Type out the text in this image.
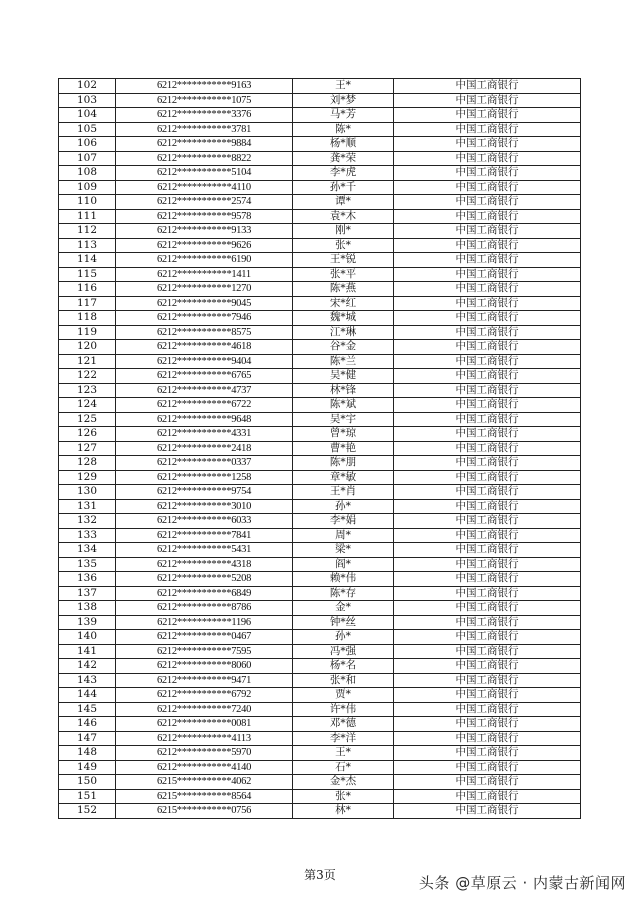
102	6212***********9163	王*	中国工商银行
103	6212***********1075	刘*梦	中国工商银行
104	6212***********3376	马*芳	中国工商银行
105	6212***********3781	陈*	中国工商银行
106	6212***********9884	杨*顺	中国工商银行
107	6212***********8822	龚*荣	中国工商银行
108	6212***********5104	李*虎	中国工商银行
109	6212***********4110	孙*千	中国工商银行
110	6212***********2574	谭*	中国工商银行
111	6212***********9578	袁*木	中国工商银行
112	6212***********9133	刚*	中国工商银行
113	6212***********9626	张*	中国工商银行
114	6212***********6190	王*锐	中国工商银行
115	6212***********1411	张*平	中国工商银行
116	6212***********1270	陈*燕	中国工商银行
117	6212***********9045	宋*红	中国工商银行
118	6212***********7946	魏*城	中国工商银行
119	6212***********8575	江*琳	中国工商银行
120	6212***********4618	谷*金	中国工商银行
121	6212***********9404	陈*兰	中国工商银行
122	6212***********6765	吴*健	中国工商银行
123	6212***********4737	林*锋	中国工商银行
124	6212***********6722	陈*斌	中国工商银行
125	6212***********9648	吴*宇	中国工商银行
126	6212***********4331	曾*琼	中国工商银行
127	6212***********2418	曹*艳	中国工商银行
128	6212***********0337	陈*朋	中国工商银行
129	6212***********1258	章*敏	中国工商银行
130	6212***********9754	王*肖	中国工商银行
131	6212***********3010	孙*	中国工商银行
132	6212***********6033	李*娟	中国工商银行
133	6212***********7841	周*	中国工商银行
134	6212***********5431	梁*	中国工商银行
135	6212***********4318	阎*	中国工商银行
136	6212***********5208	赖*伟	中国工商银行
137	6212***********6849	陈*存	中国工商银行
138	6212***********8786	金*	中国工商银行
139	6212***********1196	钟*丝	中国工商银行
140	6212***********0467	孙*	中国工商银行
141	6212***********7595	冯*强	中国工商银行
142	6212***********8060	杨*名	中国工商银行
143	6212***********9471	张*和	中国工商银行
144	6212***********6792	贾*	中国工商银行
145	6212***********7240	许*伟	中国工商银行
146	6212***********0081	邓*德	中国工商银行
147	6212***********4113	李*洋	中国工商银行
148	6212***********5970	王*	中国工商银行
149	6212***********4140	石*	中国工商银行
150	6215***********4062	金*杰	中国工商银行
151	6215***********8564	张*	中国工商银行
152	6215***********0756	林*	中国工商银行
第3页	头条 @草原云 · 内蒙古新闻网
